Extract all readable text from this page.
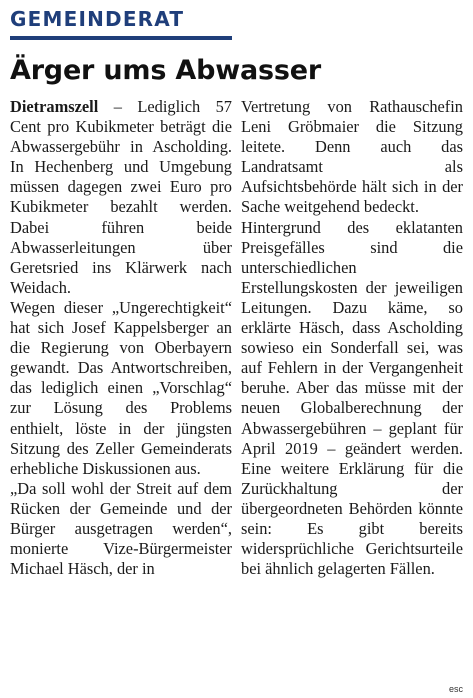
GEMEINDERAT
Ärger ums Abwasser

Dietramszell – Lediglich 57 Cent pro Kubikmeter beträgt die Abwassergebühr in Ascholding. In Hechenberg und Umgebung müssen dagegen zwei Euro pro Kubikmeter bezahlt werden. Dabei führen beide Abwasserleitungen über Geretsried ins Klärwerk nach Weidach.

Wegen dieser „Ungerechtigkeit“ hat sich Josef Kappelsberger an die Regierung von Oberbayern gewandt. Das Antwortschreiben, das lediglich einen „Vorschlag“ zur Lösung des Problems enthielt, löste in der jüngsten Sitzung des Zeller Gemeinderats erhebliche Diskussionen aus.

„Da soll wohl der Streit auf dem Rücken der Gemeinde und der Bürger ausgetragen werden“, monierte Vize-Bürgermeister Michael Häsch, der in

Vertretung von Rathauschefin Leni Gröbmaier die Sitzung leitete. Denn auch das Landratsamt als Aufsichtsbehörde hält sich in der Sache weitgehend bedeckt.

Hintergrund des eklatanten Preisgefälles sind die unterschiedlichen Erstellungskosten der jeweiligen Leitungen. Dazu käme, so erklärte Häsch, dass Ascholding sowieso ein Sonderfall sei, was auf Fehlern in der Vergangenheit beruhe. Aber das müsse mit der neuen Globalberechnung der Abwassergebühren – geplant für April 2019 – geändert werden. Eine weitere Erklärung für die Zurückhaltung der übergeordneten Behörden könnte sein: Es gibt bereits widersprüchliche Gerichtsurteile bei ähnlich gelagerten Fällen.

esc
